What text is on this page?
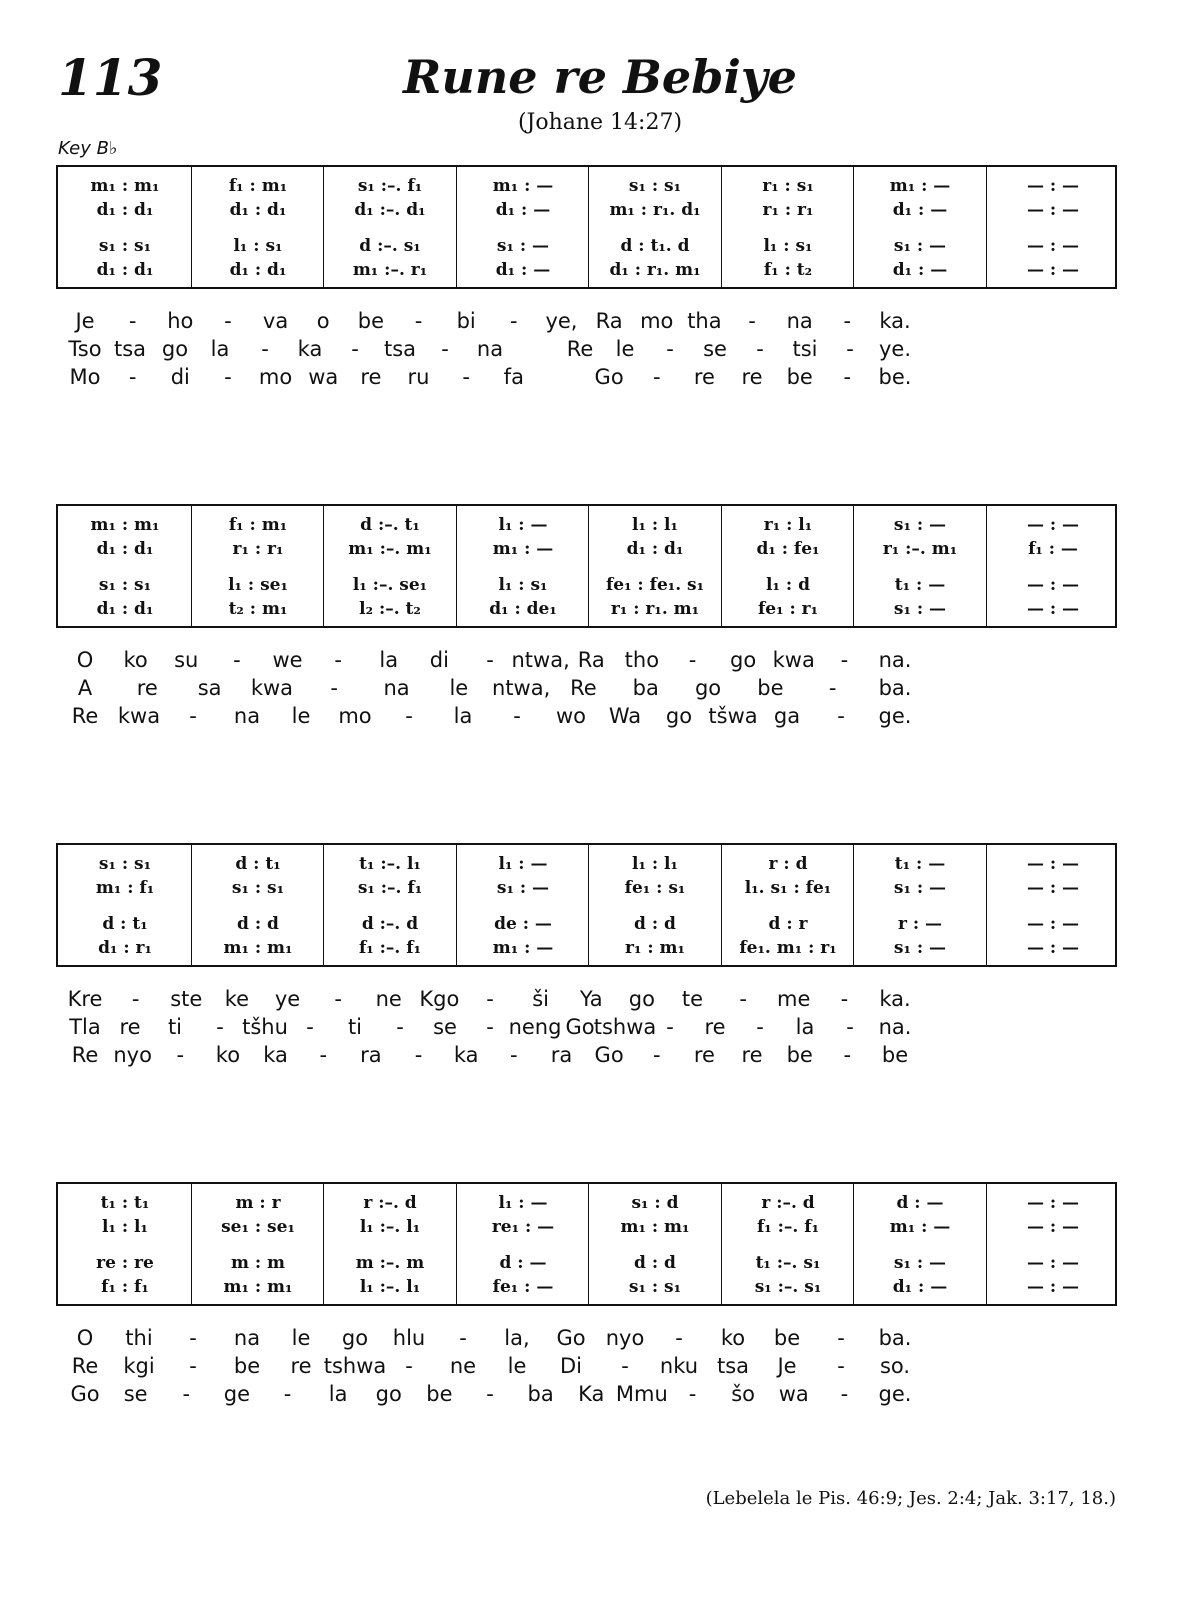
113	Rune re Bebiye
(Johane 14:27)
Key B♭
m₁ : m₁	f₁ : m₁	s₁ :–. f₁	m₁ : —	s₁ : s₁	r₁ : s₁	m₁ : —	— : —
d₁ : d₁	d₁ : d₁	d₁ :–. d₁	d₁ : —	m₁ : r₁. d₁	r₁ : r₁	d₁ : —	— : —
s₁ : s₁	l₁ : s₁	d :–. s₁	s₁ : —	d : t₁. d	l₁ : s₁	s₁ : —	— : —
d₁ : d₁	d₁ : d₁	m₁ :–. r₁	d₁ : —	d₁ : r₁. m₁	f₁ : t₂	d₁ : —	— : —
Je	-	ho	-	va	o	be	-	bi	-	ye, Ra mo tha	-	na	-	ka.
Tso tsa go	la	-	ka	-	tsa	-	na	Re	le	-	se	-	tsi	-	ye.
Mo	-	di	-	mo wa	re	ru	-	fa	Go	-	re	re	be	-	be.
m₁ : m₁	f₁ : m₁	d :–. t₁	l₁ : —	l₁ : l₁	r₁ : l₁	s₁ : —	— : —
d₁ : d₁	r₁ : r₁	m₁ :–. m₁	m₁ : —	d₁ : d₁	d₁ : fe₁	r₁ :–. m₁	f₁ : —
s₁ : s₁	l₁ : se₁	l₁ :–. se₁	l₁ : s₁	fe₁ : fe₁. s₁	l₁ : d	t₁ : —	— : —
d₁ : d₁	t₂ : m₁	l₂ :–. t₂	d₁ : de₁	r₁ : r₁. m₁	fe₁ : r₁	s₁ : —	— : —
O	ko	su	-	we	-	la	di	- ntwa, Ra tho	-	go kwa	-	na.
A	re	sa	kwa	-	na	le	ntwa, Re	ba	go	be	-	ba.
Re kwa	-	na	le	mo	-	la	-	wo	Wa	go tšwa ga	-	ge.
s₁ : s₁	d : t₁	t₁ :–. l₁	l₁ : —	l₁ : l₁	r : d	t₁ : —	— : —
m₁ : f₁	s₁ : s₁	s₁ :–. f₁	s₁ : —	fe₁ : s₁	l₁. s₁ : fe₁	s₁ : —	— : —
d : t₁	d : d	d :–. d	de : —	d : d	d : r	r : —	— : —
d₁ : r₁	m₁ : m₁	f₁ :–. f₁	m₁ : —	r₁ : m₁	fe₁. m₁ : r₁	s₁ : —	— : —
Kre	-	ste	ke	ye	-	ne Kgo	-	ši	Ya	go	te	-	me	-	ka.
Tla re	ti	- tšhu -	ti	-	se	- neng Go tshwa -	re	-	la	-	na.
Re nyo	-	ko	ka	-	ra	-	ka	-	ra	Go	-	re	re	be	-	be
t₁ : t₁	m : r	r :–. d	l₁ : —	s₁ : d	r :–. d	d : —	— : —
l₁ : l₁	se₁ : se₁	l₁ :–. l₁	re₁ : —	m₁ : m₁	f₁ :–. f₁	m₁ : —	— : —
re : re	m : m	m :–. m	d : —	d : d	t₁ :–. s₁	s₁ : —	— : —
f₁ : f₁	m₁ : m₁	l₁ :–. l₁	fe₁ : —	s₁ : s₁	s₁ :–. s₁	d₁ : —	— : —
O	thi	-	na	le	go	hlu	-	la,	Go nyo	-	ko	be	-	ba.
Re	kgi	-	be	re tshwa -	ne	le	Di	-	nku tsa	Je	-	so.
Go	se	-	ge	-	la	go	be	-	ba	Ka Mmu -	šo	wa	-	ge.
(Lebelela le Pis. 46:9; Jes. 2:4; Jak. 3:17, 18.)
